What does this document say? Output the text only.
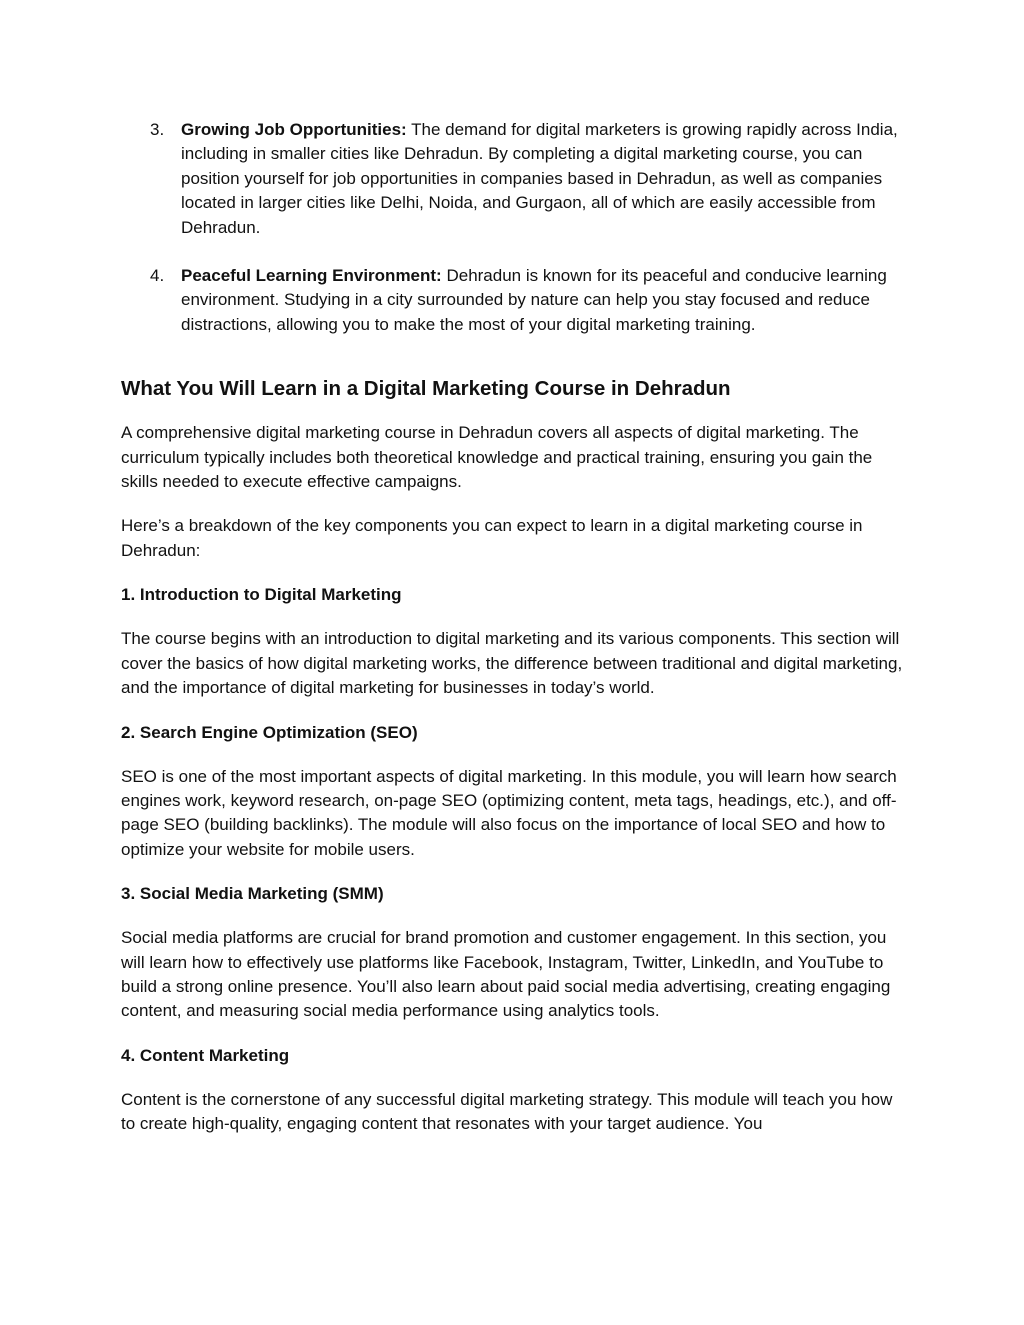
3. Growing Job Opportunities: The demand for digital marketers is growing rapidly across India, including in smaller cities like Dehradun. By completing a digital marketing course, you can position yourself for job opportunities in companies based in Dehradun, as well as companies located in larger cities like Delhi, Noida, and Gurgaon, all of which are easily accessible from Dehradun.
4. Peaceful Learning Environment: Dehradun is known for its peaceful and conducive learning environment. Studying in a city surrounded by nature can help you stay focused and reduce distractions, allowing you to make the most of your digital marketing training.
What You Will Learn in a Digital Marketing Course in Dehradun

A comprehensive digital marketing course in Dehradun covers all aspects of digital marketing. The curriculum typically includes both theoretical knowledge and practical training, ensuring you gain the skills needed to execute effective campaigns.

Here’s a breakdown of the key components you can expect to learn in a digital marketing course in Dehradun:

1. Introduction to Digital Marketing

The course begins with an introduction to digital marketing and its various components. This section will cover the basics of how digital marketing works, the difference between traditional and digital marketing, and the importance of digital marketing for businesses in today’s world.

2. Search Engine Optimization (SEO)

SEO is one of the most important aspects of digital marketing. In this module, you will learn how search engines work, keyword research, on-page SEO (optimizing content, meta tags, headings, etc.), and off-page SEO (building backlinks). The module will also focus on the importance of local SEO and how to optimize your website for mobile users.

3. Social Media Marketing (SMM)

Social media platforms are crucial for brand promotion and customer engagement. In this section, you will learn how to effectively use platforms like Facebook, Instagram, Twitter, LinkedIn, and YouTube to build a strong online presence. You’ll also learn about paid social media advertising, creating engaging content, and measuring social media performance using analytics tools.

4. Content Marketing

Content is the cornerstone of any successful digital marketing strategy. This module will teach you how to create high-quality, engaging content that resonates with your target audience. You
